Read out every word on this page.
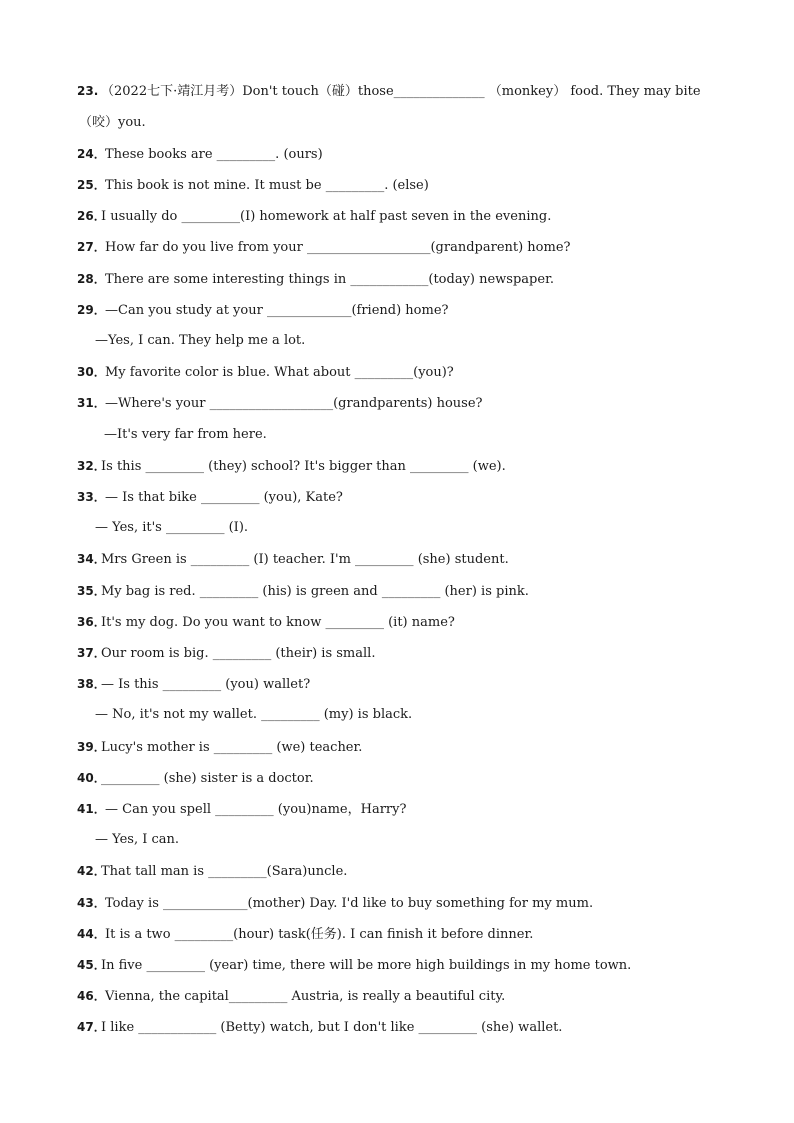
23. （2022七下·靖江月考）Don't touch（碰）those______________ （monkey） food. They may bite
（咬）you.
24．These books are _________. (ours)
25．This book is not mine. It must be _________. (else)
26．I usually do _________(I) homework at half past seven in the evening.
27．How far do you live from your ___________________(grandparent) home?
28．There are some interesting things in ____________(today) newspaper.
29．—Can you study at your _____________(friend) home?
—Yes, I can. They help me a lot.
30．My favorite color is blue. What about _________(you)?
31．—Where's your ___________________(grandparents) house?
—It's very far from here.
32．Is this _________ (they) school? It's bigger than _________ (we).
33．— Is that bike _________ (you), Kate?
— Yes, it's _________ (I).
34．Mrs Green is _________ (I) teacher. I'm _________ (she) student.
35．My bag is red. _________ (his) is green and _________ (her) is pink.
36．It's my dog. Do you want to know _________ (it) name?
37．Our room is big. _________ (their) is small.
38．— Is this _________ (you) wallet?
— No, it's not my wallet. _________ (my) is black.
39．Lucy's mother is _________ (we) teacher.
40．_________ (she) sister is a doctor.
41．— Can you spell _________ (you)name，Harry?
— Yes, I can.
42．That tall man is _________(Sara)uncle.
43．Today is _____________(mother) Day. I'd like to buy something for my mum.
44．It is a two _________(hour) task(任务). I can finish it before dinner.
45．In five _________ (year) time, there will be more high buildings in my home town.
46．Vienna, the capital_________ Austria, is really a beautiful city.
47．I like ____________ (Betty) watch, but I don't like _________ (she) wallet.
